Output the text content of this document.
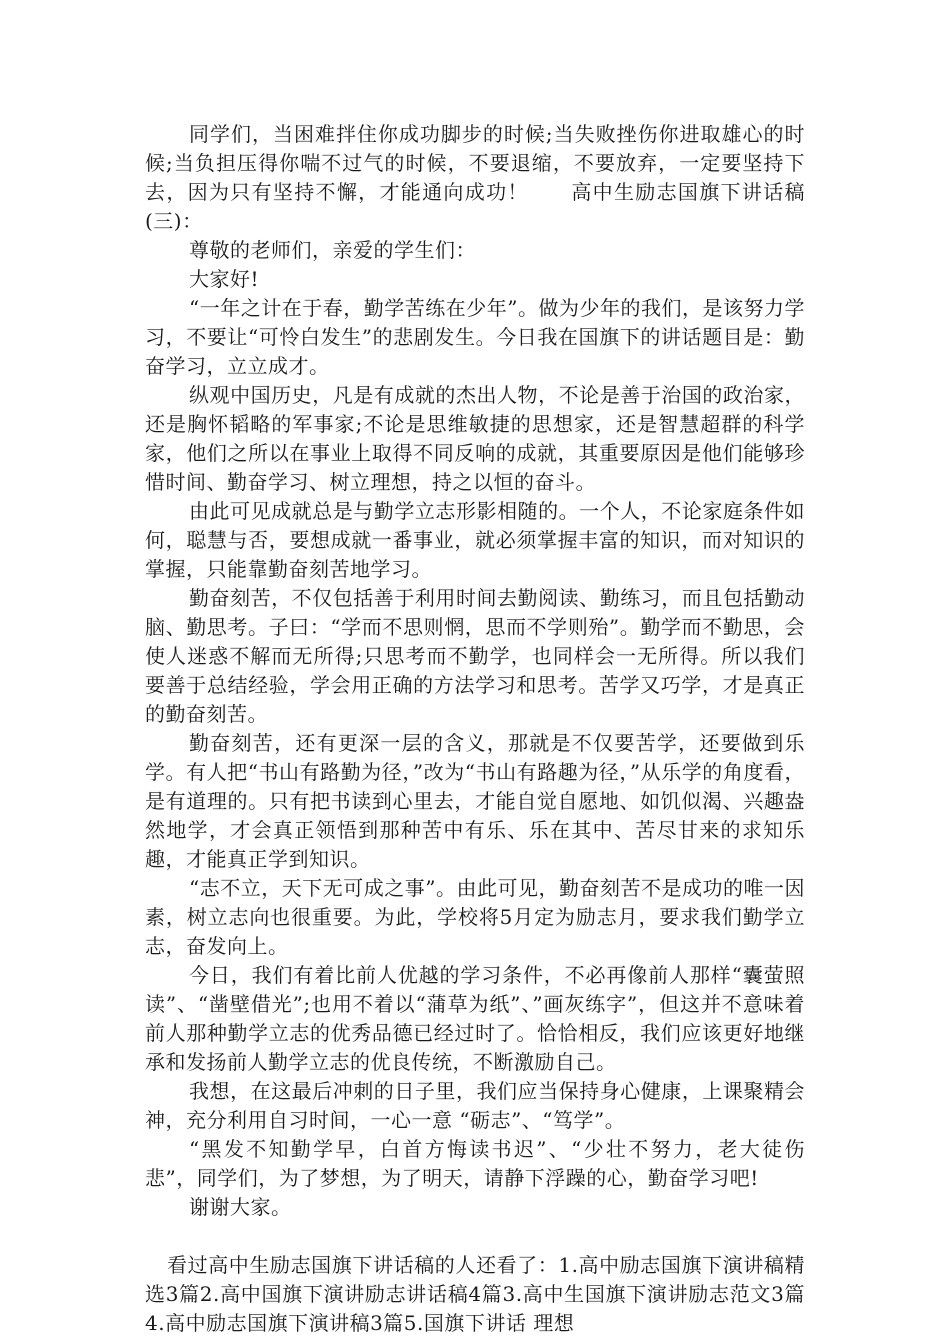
同学们，当困难拌住你成功脚步的时候;当失败挫伤你进取雄心的时候;当负担压得你喘不过气的时候，不要退缩，不要放弃，一定要坚持下去，因为只有坚持不懈，才能通向成功！　　高中生励志国旗下讲话稿(三)：

尊敬的老师们，亲爱的学生们：

大家好!

“一年之计在于春，勤学苦练在少年”。做为少年的我们，是该努力学习，不要让“可怜白发生”的悲剧发生。今日我在国旗下的讲话题目是：勤奋学习，立立成才。

纵观中国历史，凡是有成就的杰出人物，不论是善于治国的政治家，还是胸怀韬略的军事家;不论是思维敏捷的思想家，还是智慧超群的科学家，他们之所以在事业上取得不同反响的成就，其重要原因是他们能够珍惜时间、勤奋学习、树立理想，持之以恒的奋斗。

由此可见成就总是与勤学立志形影相随的。一个人，不论家庭条件如何，聪慧与否，要想成就一番事业，就必须掌握丰富的知识，而对知识的掌握，只能靠勤奋刻苦地学习。

勤奋刻苦，不仅包括善于利用时间去勤阅读、勤练习，而且包括勤动脑、勤思考。子曰：“学而不思则惘，思而不学则殆”。勤学而不勤思，会使人迷惑不解而无所得;只思考而不勤学，也同样会一无所得。所以我们要善于总结经验，学会用正确的方法学习和思考。苦学又巧学，才是真正的勤奋刻苦。

勤奋刻苦，还有更深一层的含义，那就是不仅要苦学，还要做到乐学。有人把“书山有路勤为径，”改为“书山有路趣为径，”从乐学的角度看，是有道理的。只有把书读到心里去，才能自觉自愿地、如饥似渴、兴趣盎然地学，才会真正领悟到那种苦中有乐、乐在其中、苦尽甘来的求知乐趣，才能真正学到知识。

“志不立，天下无可成之事”。由此可见，勤奋刻苦不是成功的唯一因素，树立志向也很重要。为此，学校将5月定为励志月，要求我们勤学立志，奋发向上。

今日，我们有着比前人优越的学习条件，不必再像前人那样“囊萤照读”、“凿壁借光”;也用不着以“蒲草为纸”、”画灰练字”，但这并不意味着前人那种勤学立志的优秀品德已经过时了。恰恰相反，我们应该更好地继承和发扬前人勤学立志的优良传统，不断激励自己。

我想，在这最后冲刺的日子里，我们应当保持身心健康，上课聚精会神，充分利用自习时间，一心一意 “砺志”、“笃学”。

“黑发不知勤学早，白首方悔读书迟”、“少壮不努力，老大徒伤悲”，同学们，为了梦想，为了明天，请静下浮躁的心，勤奋学习吧!

谢谢大家。

看过高中生励志国旗下讲话稿的人还看了：1.高中励志国旗下演讲稿精选3篇2.高中国旗下演讲励志讲话稿4篇3.高中生国旗下演讲励志范文3篇4.高中励志国旗下演讲稿3篇5.国旗下讲话 理想
